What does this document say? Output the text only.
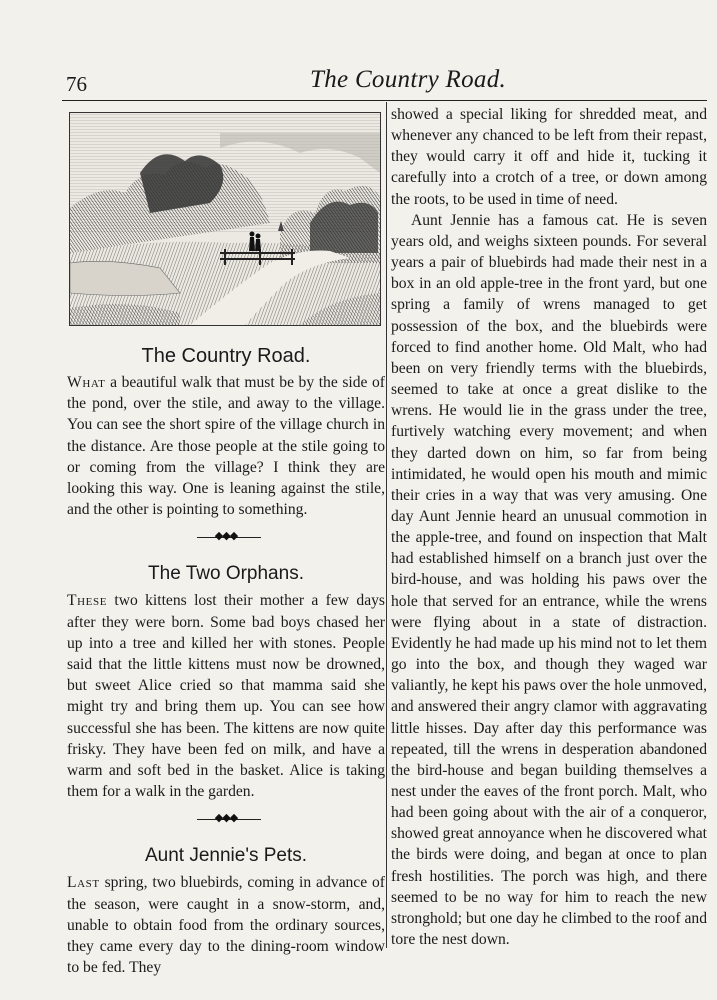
76	The Country Road.
The Country Road.

What a beautiful walk that must be by the side of the pond, over the stile, and away to the village. You can see the short spire of the village church in the distance. Are those people at the stile going to or coming from the village? I think they are looking this way. One is leaning against the stile, and the other is pointing to something.

◆◆◆
The Two Orphans.

These two kittens lost their mother a few days after they were born. Some bad boys chased her up into a tree and killed her with stones. People said that the little kittens must now be drowned, but sweet Alice cried so that mamma said she might try and bring them up. You can see how successful she has been. The kittens are now quite frisky. They have been fed on milk, and have a warm and soft bed in the basket. Alice is taking them for a walk in the garden.

◆◆◆
Aunt Jennie's Pets.

Last spring, two bluebirds, coming in advance of the season, were caught in a snow-storm, and, unable to obtain food from the ordinary sources, they came every day to the dining-room window to be fed. They

showed a special liking for shredded meat, and whenever any chanced to be left from their repast, they would carry it off and hide it, tucking it carefully into a crotch of a tree, or down among the roots, to be used in time of need.

Aunt Jennie has a famous cat. He is seven years old, and weighs sixteen pounds. For several years a pair of bluebirds had made their nest in a box in an old apple-tree in the front yard, but one spring a family of wrens managed to get possession of the box, and the bluebirds were forced to find another home. Old Malt, who had been on very friendly terms with the bluebirds, seemed to take at once a great dislike to the wrens. He would lie in the grass under the tree, furtively watching every movement; and when they darted down on him, so far from being intimidated, he would open his mouth and mimic their cries in a way that was very amusing. One day Aunt Jennie heard an unusual commotion in the apple-tree, and found on inspection that Malt had established himself on a branch just over the bird-house, and was holding his paws over the hole that served for an entrance, while the wrens were flying about in a state of distraction. Evidently he had made up his mind not to let them go into the box, and though they waged war valiantly, he kept his paws over the hole unmoved, and answered their angry clamor with aggravating little hisses. Day after day this performance was repeated, till the wrens in desperation abandoned the bird-house and began building themselves a nest under the eaves of the front porch. Malt, who had been going about with the air of a conqueror, showed great annoyance when he discovered what the birds were doing, and began at once to plan fresh hostilities. The porch was high, and there seemed to be no way for him to reach the new stronghold; but one day he climbed to the roof and tore the nest down.
